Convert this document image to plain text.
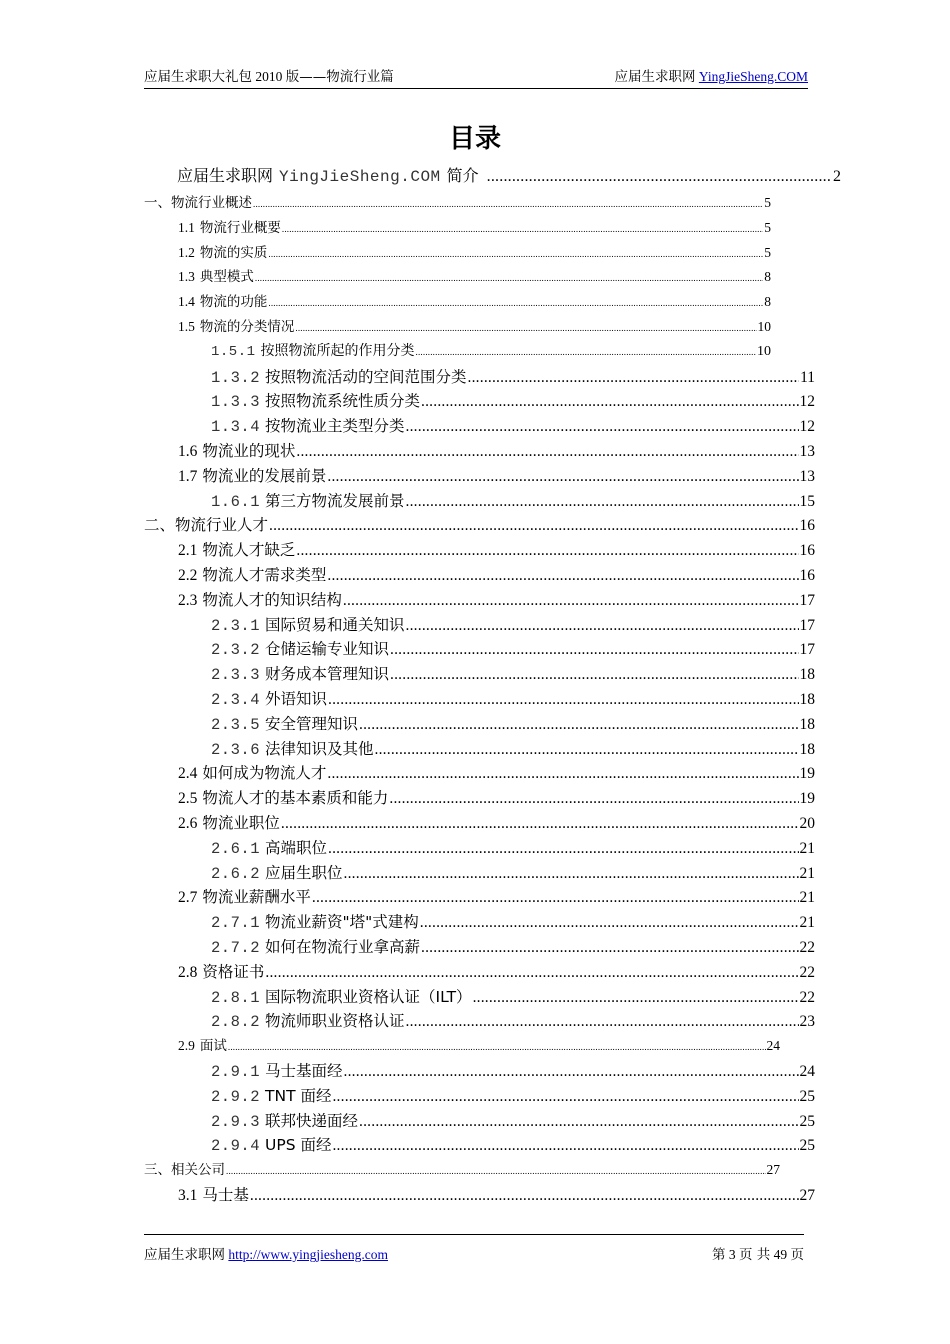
应届生求职大礼包 2010 版——物流行业篇	应届生求职网 YingJieSheng.COM
目录
应届生求职网 YingJieSheng.COM 简介 .....	2
一、 物流行业概述 .....	5
1.1 物流行业概要 .....	5
1.2 物流的实质 .....	5
1.3 典型模式 .....	8
1.4 物流的功能 .....	8
1.5 物流的分类情况 .....	10
1.5.1 按照物流所起的作用分类 .....	10
1.3.2 按照物流活动的空间范围分类 .....	11
1.3.3 按照物流系统性质分类 .....	12
1.3.4 按物流业主类型分类 .....	12
1.6 物流业的现状 .....	13
1.7 物流业的发展前景 .....	13
1.6.1 第三方物流发展前景 .....	15
二、 物流行业人才 .....	16
2.1 物流人才缺乏 .....	16
2.2 物流人才需求类型 .....	16
2.3 物流人才的知识结构 .....	17
2.3.1 国际贸易和通关知识 .....	17
2.3.2 仓储运输专业知识 .....	17
2.3.3 财务成本管理知识 .....	18
2.3.4 外语知识 .....	18
2.3.5 安全管理知识 .....	18
2.3.6 法律知识及其他 .....	18
2.4 如何成为物流人才 .....	19
2.5 物流人才的基本素质和能力 .....	19
2.6 物流业职位 .....	20
2.6.1 高端职位 .....	21
2.6.2 应届生职位 .....	21
2.7 物流业薪酬水平 .....	21
2.7.1 物流业薪资"塔"式建构 .....	21
2.7.2 如何在物流行业拿高薪 .....	22
2.8 资格证书 .....	22
2.8.1 国际物流职业资格认证（ILT） .....	22
2.8.2 物流师职业资格认证 .....	23
2.9 面试 .....	24
2.9.1 马士基面经 .....	24
2.9.2 TNT 面经 .....	25
2.9.3 联邦快递面经 .....	25
2.9.4 UPS 面经 .....	25
三、 相关公司 .....	27
3.1 马士基 .....	27
应届生求职网 http://www.yingjiesheng.com	第 3 页 共 49 页
